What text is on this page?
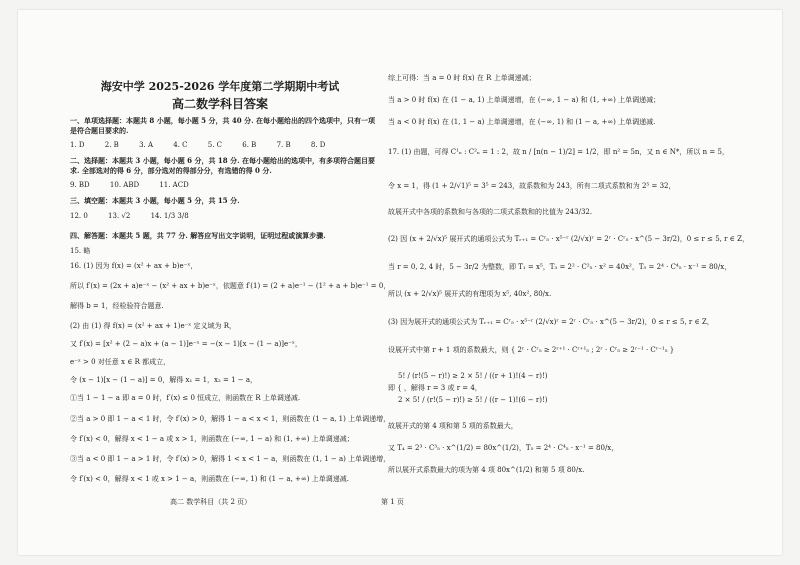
海安中学 2025-2026 学年度第二学期期中考试
高二数学科目答案
一、单项选择题：本题共 8 小题，每小题 5 分，共 40 分. 在每小题给出的四个选项中，只有一项
是符合题目要求的.
1. D	2. B	3. A	4. C	5. C	6. B	7. B	8. D
二、选择题：本题共 3 小题，每小题 6 分，共 18 分. 在每小题给出的选项中，有多项符合题目要
求. 全部选对的得 6 分，部分选对的得部分分，有选错的得 0 分.
9. BD	10. ABD	11. ACD
三、填空题：本题共 3 小题，每小题 5 分，共 15 分.
12. 0	13. √2	14. 1/3 3/8
四、解答题：本题共 5 题，共 77 分. 解答应写出文字说明，证明过程或演算步骤.
15. 略
16. (1) 因为 f(x) = (x² + ax + b)e⁻ˣ，
所以 f′(x) = (2x + a)e⁻ˣ − (x² + ax + b)e⁻ˣ，依题意 f′(1) = (2 + a)e⁻¹ − (1² + a + b)e⁻¹ = 0，
解得 b = 1，经检验符合题意.
(2) 由 (1) 得 f(x) = (x² + ax + 1)e⁻ˣ 定义域为 R，
又 f′(x) = [x² + (2 − a)x + (a − 1)]e⁻ˣ = −(x − 1)[x − (1 − a)]e⁻ˣ，
e⁻ˣ > 0 对任意 x ∈ R 都成立，
令 (x − 1)[x − (1 − a)] = 0，解得 x₁ = 1，x₂ = 1 − a，
①当 1 − 1 − a 即 a = 0 时，f′(x) ≤ 0 恒成立，则函数在 R 上单调递减.
②当 a > 0 即 1 − a < 1 时，令 f′(x) > 0，解得 1 − a < x < 1，则函数在 (1 − a, 1) 上单调递增，
令 f′(x) < 0，解得 x < 1 − a 或 x > 1，则函数在 (−∞, 1 − a) 和 (1, +∞) 上单调递减；
③当 a < 0 即 1 − a > 1 时，令 f′(x) > 0，解得 1 < x < 1 − a，则函数在 (1, 1 − a) 上单调递增，
令 f′(x) < 0，解得 x < 1 或 x > 1 − a，则函数在 (−∞, 1) 和 (1 − a, +∞) 上单调递减.
综上可得：当 a = 0 时 f(x) 在 R 上单调递减；
当 a > 0 时 f(x) 在 (1 − a, 1) 上单调递增，在 (−∞, 1 − a) 和 (1, +∞) 上单调递减；
当 a < 0 时 f(x) 在 (1, 1 − a) 上单调递增，在 (−∞, 1) 和 (1 − a, +∞) 上单调递减.
17. (1) 由题，可得 C¹ₙ : C²ₙ = 1 : 2，故 n / [n(n − 1)/2] = 1/2，即 n² = 5n，又 n ∈ N*，所以 n = 5，
令 x = 1，得 (1 + 2/√1)⁵ = 3⁵ = 243，故系数和为 243，所有二项式系数和为 2⁵ = 32，
故展开式中各项的系数和与各项的二项式系数和的比值为 243/32.
(2) 因 (x + 2/√x)⁵ 展开式的通项公式为 Tᵣ₊₁ = Cʳ₅ · x⁵⁻ʳ (2/√x)ʳ = 2ʳ · Cʳ₅ · x^(5 − 3r/2)，0 ≤ r ≤ 5, r ∈ Z，
当 r = 0, 2, 4 时，5 − 3r/2 为整数，即 T₁ = x⁵，T₃ = 2² · C²₅ · x² = 40x²，T₅ = 2⁴ · C⁴₅ · x⁻¹ = 80/x，
所以 (x + 2/√x)⁵ 展开式的有理项为 x⁵, 40x², 80/x.
(3) 因为展开式的通项公式为 Tᵣ₊₁ = Cʳ₅ · x⁵⁻ʳ (2/√x)ʳ = 2ʳ · Cʳ₅ · x^(5 − 3r/2)，0 ≤ r ≤ 5, r ∈ Z，
设展开式中第 r + 1 项的系数最大，则 { 2ʳ · Cʳ₅ ≥ 2ʳ⁺¹ · Cʳ⁺¹₅ ; 2ʳ · Cʳ₅ ≥ 2ʳ⁻¹ · Cʳ⁻¹₅ }
5! / (r!(5 − r)!) ≥ 2 × 5! / ((r + 1)!(4 − r)!)
即 { ，解得 r = 3 或 r = 4，
2 × 5! / (r!(5 − r)!) ≥ 5! / ((r − 1)!(6 − r)!)
故展开式的第 4 项和第 5 项的系数最大，
又 T₄ = 2³ · C³₅ · x^(1/2) = 80x^(1/2)，T₅ = 2⁴ · C⁴₅ · x⁻¹ = 80/x，
所以展开式系数最大的项为第 4 项 80x^(1/2) 和第 5 项 80/x.
高二 数学科目（共 2 页）	第 1 页
